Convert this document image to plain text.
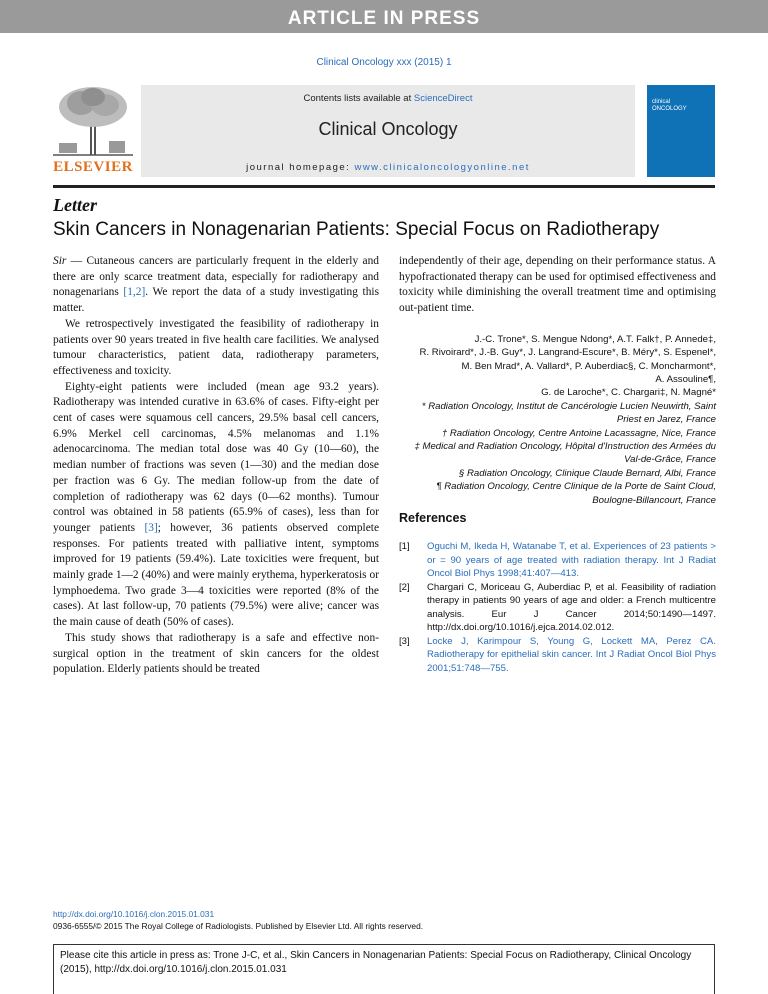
ARTICLE IN PRESS
Clinical Oncology xxx (2015) 1
ELSEVIER
Contents lists available at ScienceDirect
Clinical Oncology
journal homepage: www.clinicaloncologyonline.net
clinical
ONCOLOGY
Letter
Skin Cancers in Nonagenarian Patients: Special Focus on Radiotherapy

Sir — Cutaneous cancers are particularly frequent in the elderly and there are only scarce treatment data, especially for radiotherapy and nonagenarians [1,2]. We report the data of a study investigating this matter.

We retrospectively investigated the feasibility of radiotherapy in patients over 90 years treated in five health care facilities. We analysed tumour characteristics, patient data, radiotherapy parameters, effectiveness and toxicity.

Eighty-eight patients were included (mean age 93.2 years). Radiotherapy was intended curative in 63.6% of cases. Fifty-eight per cent of cases were squamous cell cancers, 29.5% basal cell cancers, 6.9% Merkel cell carcinomas, 4.5% melanomas and 1.1% adenocarcinoma. The median total dose was 40 Gy (10—60), the median number of fractions was seven (1—30) and the median dose per fraction was 6 Gy. The median follow-up from the date of completion of radiotherapy was 62 days (0—62 months). Tumour control was obtained in 58 patients (65.9% of cases), less than for younger patients [3]; however, 36 patients observed complete responses. For patients treated with palliative intent, symptoms improved for 19 patients (59.4%). Late toxicities were frequent, but mainly grade 1—2 (40%) and were mainly erythema, hyperkeratosis or lymphoedema. Two grade 3—4 toxicities were reported (8% of the cases). At last follow-up, 70 patients (79.5%) were alive; cancer was the main cause of death (50% of cases).

This study shows that radiotherapy is a safe and effective non-surgical option in the treatment of skin cancers for the oldest population. Elderly patients should be treated

independently of their age, depending on their performance status. A hypofractionated therapy can be used for optimised effectiveness and toxicity while diminishing the overall treatment time and optimising out-patient time.

J.-C. Trone*, S. Mengue Ndong*, A.T. Falk†, P. Annede‡,
R. Rivoirard*, J.-B. Guy*, J. Langrand-Escure*, B. Méry*, S. Espenel*,
M. Ben Mrad*, A. Vallard*, P. Auberdiac§, C. Moncharmont*,
A. Assouline¶,
G. de Laroche*, C. Chargari‡, N. Magné*
* Radiation Oncology, Institut de Cancérologie Lucien Neuwirth, Saint Priest en Jarez, France
† Radiation Oncology, Centre Antoine Lacassagne, Nice, France
‡ Medical and Radiation Oncology, Hôpital d'Instruction des Armées du Val-de-Grâce, France
§ Radiation Oncology, Clinique Claude Bernard, Albi, France
¶ Radiation Oncology, Centre Clinique de la Porte de Saint Cloud, Boulogne-Billancourt, France
References
[1]	Oguchi M, Ikeda H, Watanabe T, et al. Experiences of 23 patients > or = 90 years of age treated with radiation therapy. Int J Radiat Oncol Biol Phys 1998;41:407—413.
[2]	Chargari C, Moriceau G, Auberdiac P, et al. Feasibility of radiation therapy in patients 90 years of age and older: a French multicentre analysis. Eur J Cancer 2014;50:1490—1497. http://dx.doi.org/10.1016/j.ejca.2014.02.012.
[3]	Locke J, Karimpour S, Young G, Lockett MA, Perez CA. Radiotherapy for epithelial skin cancer. Int J Radiat Oncol Biol Phys 2001;51:748—755.
http://dx.doi.org/10.1016/j.clon.2015.01.031
0936-6555/© 2015 The Royal College of Radiologists. Published by Elsevier Ltd. All rights reserved.
Please cite this article in press as: Trone J-C, et al., Skin Cancers in Nonagenarian Patients: Special Focus on Radiotherapy, Clinical Oncology (2015), http://dx.doi.org/10.1016/j.clon.2015.01.031
